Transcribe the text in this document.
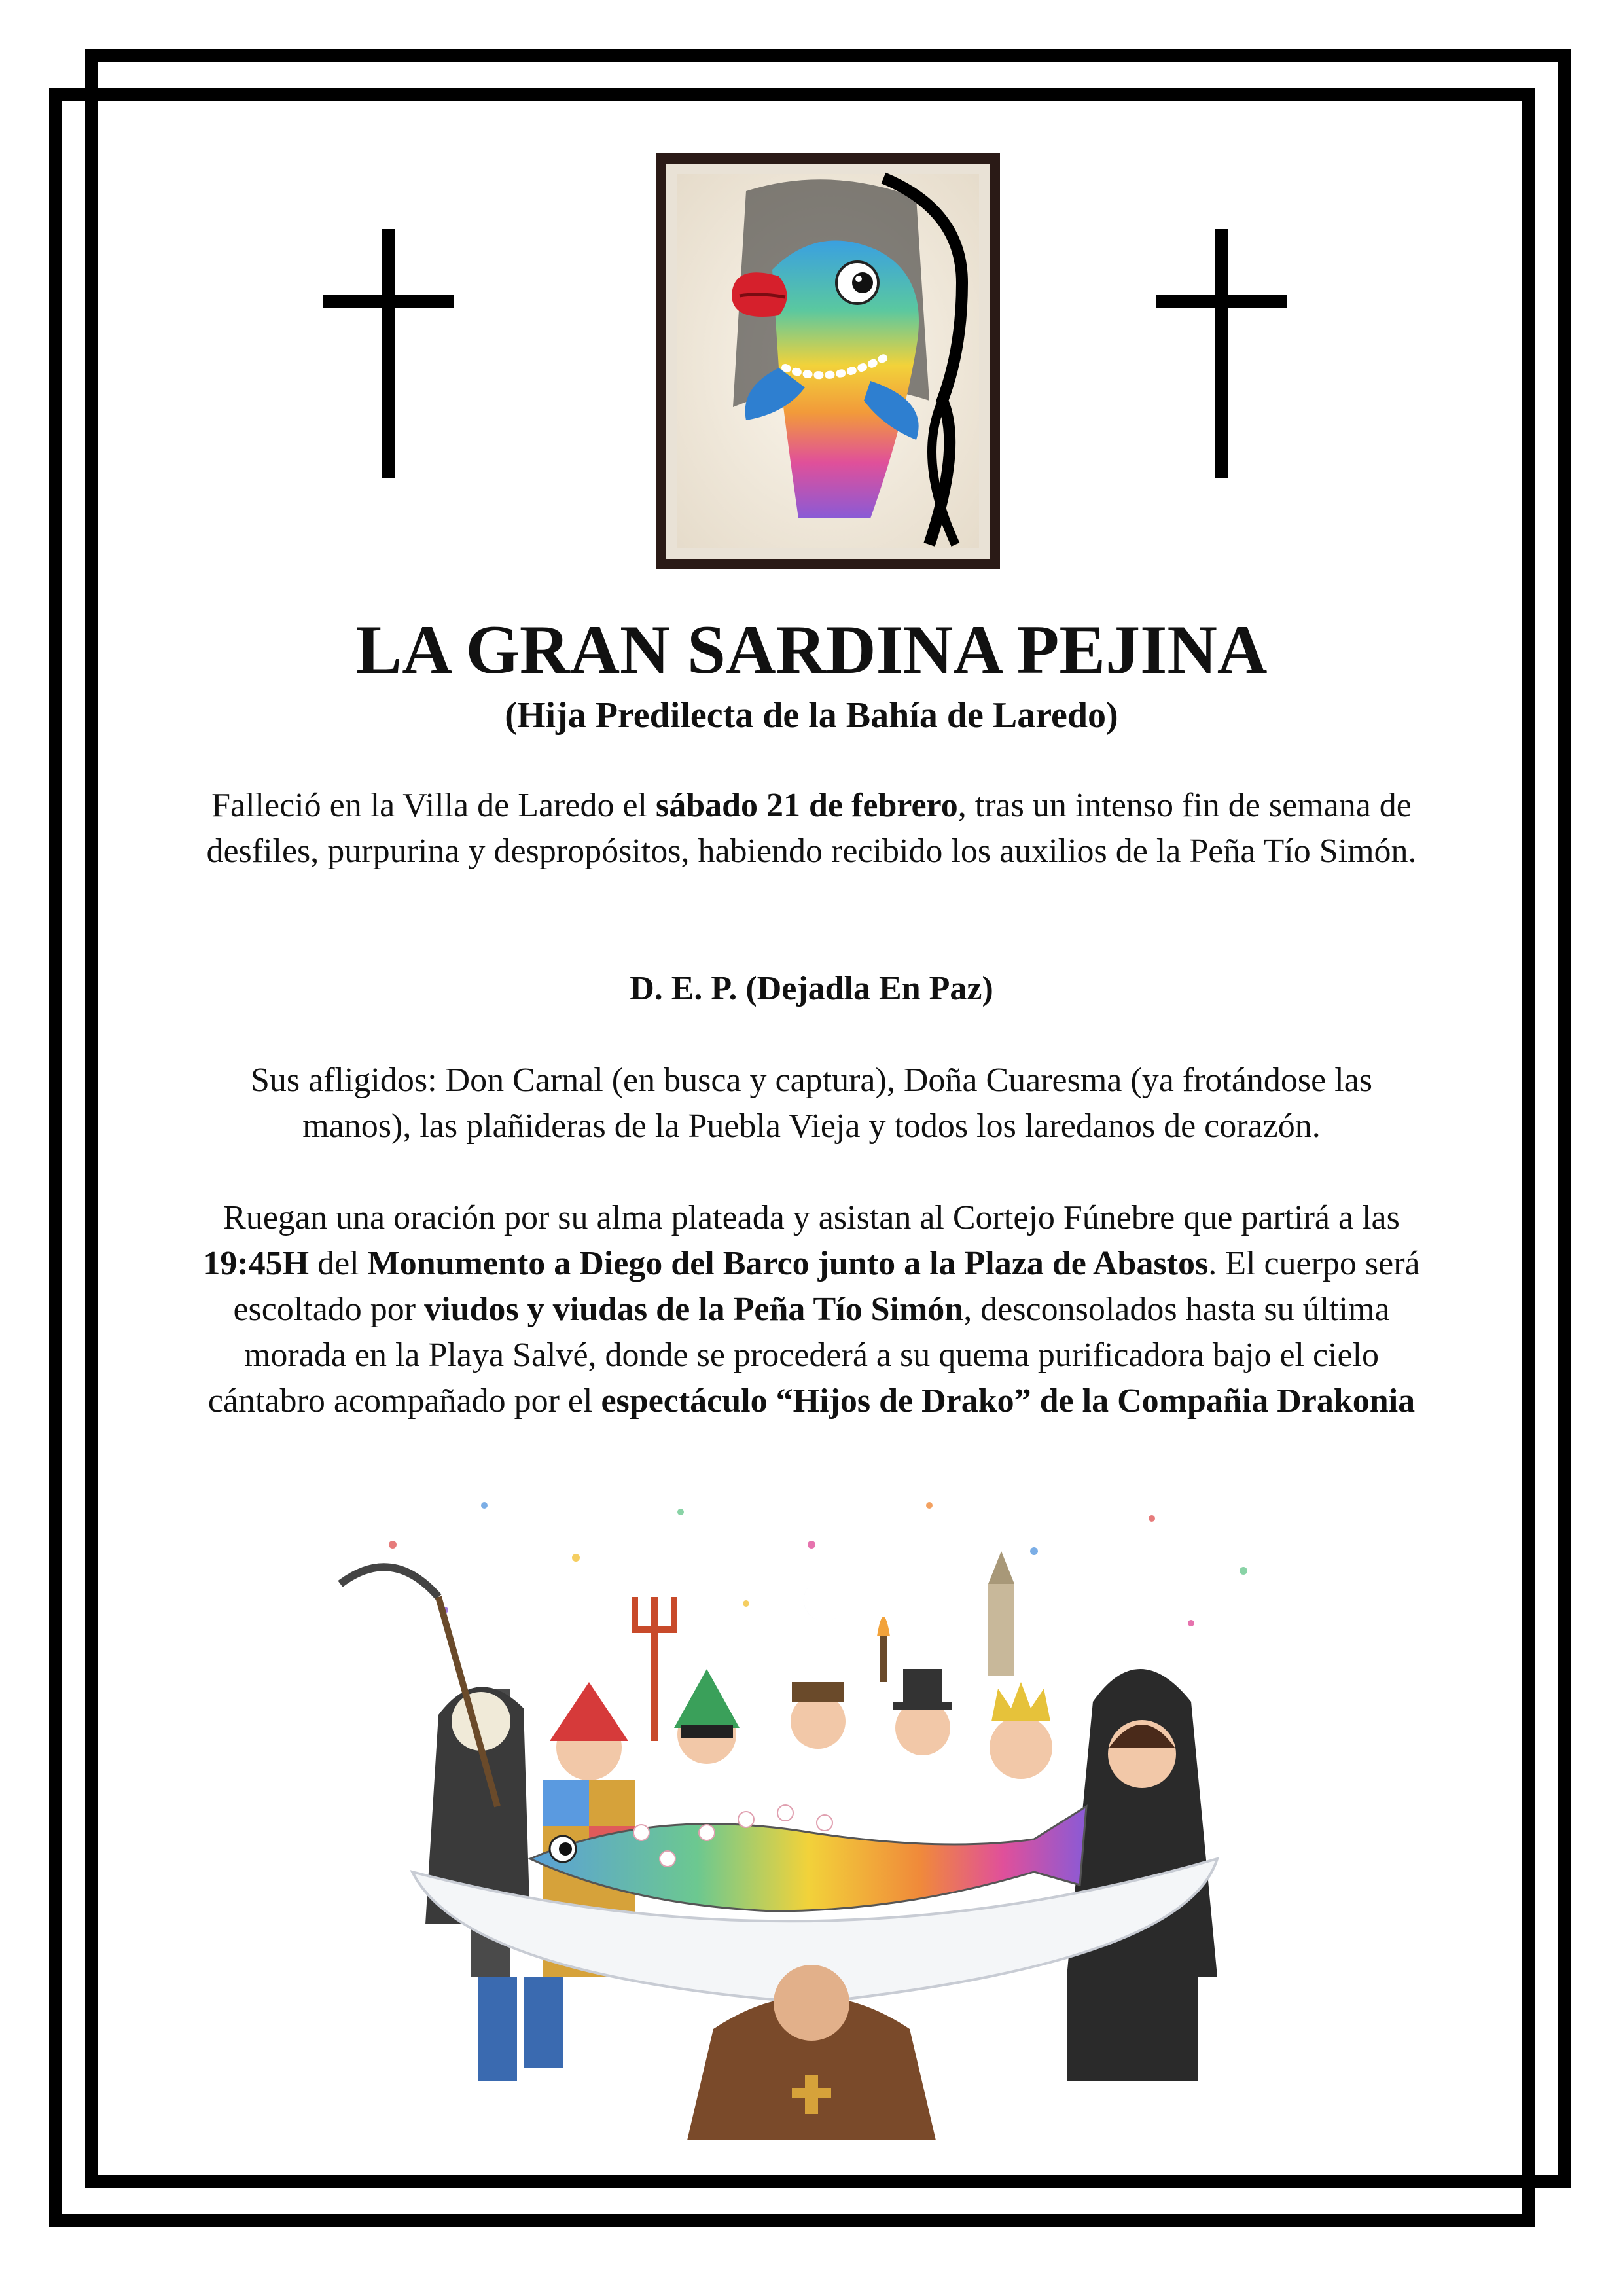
LA GRAN SARDINA PEJINA
(Hija Predilecta de la Bahía de Laredo)

Falleció en la Villa de Laredo el sábado 21 de febrero, tras un intenso fin de semana de desfiles, purpurina y despropósitos, habiendo recibido los auxilios de la Peña Tío Simón.

D. E. P. (Dejadla En Paz)

Sus afligidos: Don Carnal (en busca y captura), Doña Cuaresma (ya frotándose las manos), las plañideras de la Puebla Vieja y todos los laredanos de corazón.

Ruegan una oración por su alma plateada y asistan al Cortejo Fúnebre que partirá a las 19:45H del Monumento a Diego del Barco junto a la Plaza de Abastos. El cuerpo será escoltado por viudos y viudas de la Peña Tío Simón, desconsolados hasta su última morada en la Playa Salvé, donde se procederá a su quema purificadora bajo el cielo cántabro acompañado por el espectáculo “Hijos de Drako” de la Compañia Drakonia
